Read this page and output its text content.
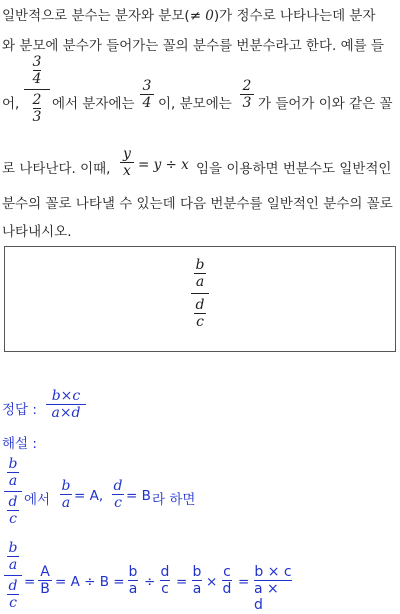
일반적으로 분수는 분자와 분모(≠ 0)가 정수로 나타나는데 분자
와 분모에 분수가 들어가는 꼴의 분수를 번분수라고 한다. 예를 들
어,
$\frac{3}{4}$
$\frac{2}{3}$ 에서 분자에는
3
4 이, 분모에는
2
3 가 들어가 이와 같은 꼴
로 나타난다. 이때,
y
x = y ÷ x 임을 이용하면 번분수도 일반적인
분수의 꼴로 나타낼 수 있는데 다음 번분수를 일반적인 분수의 꼴로
나타내시오.
b
a
d
c
정답 :
b×c
a×d
해설 :
b
a
d
c
에서
b
a = A,
d
c = B 라 하면
b
a
d
c
=
A
B = A ÷ B =
b
a ÷
d
c =
b
a ×
c
d =
b × c
a × d
